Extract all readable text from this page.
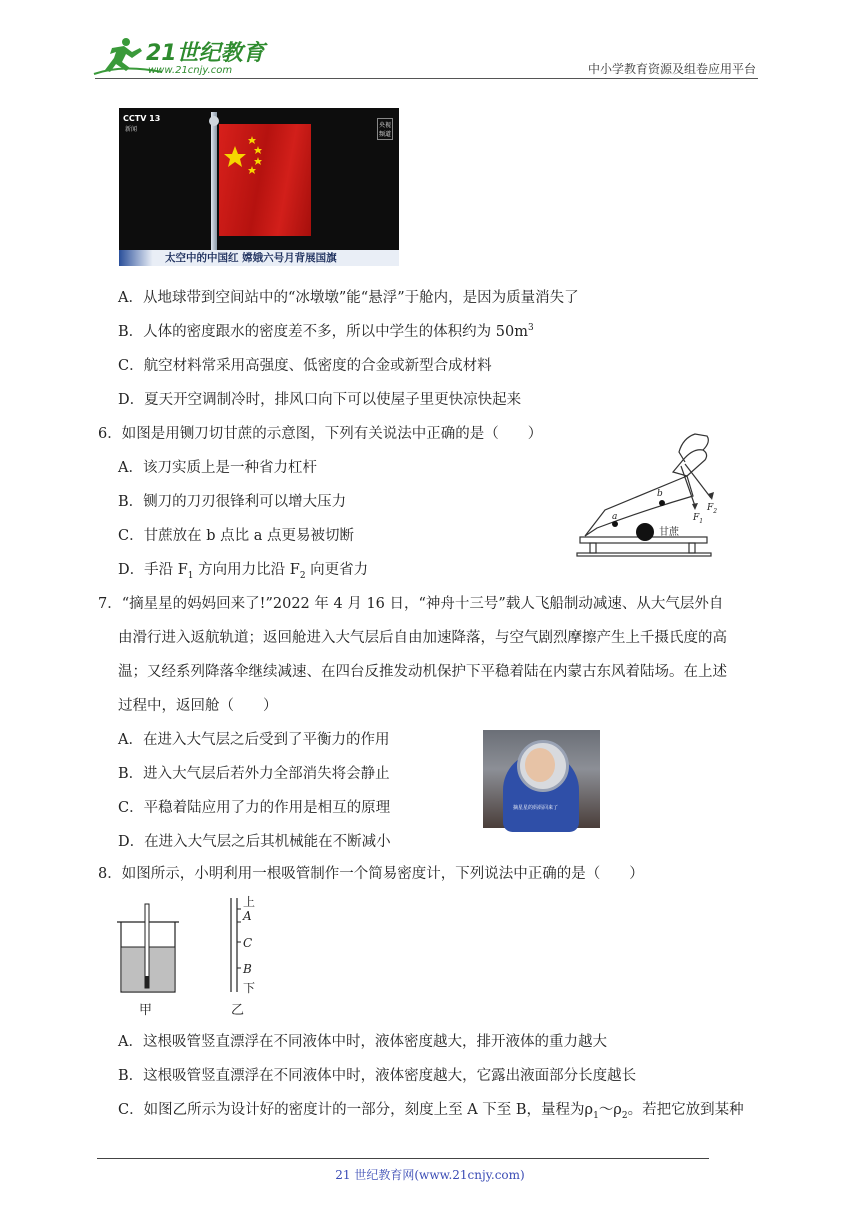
21世纪教育
www.21cnjy.com	中小学教育资源及组卷应用平台
CCTV 13
新闻
央视
频道
太空中的中国红 嫦娥六号月背展国旗
A．从地球带到空间站中的“冰墩墩”能“悬浮”于舱内，是因为质量消失了
B．人体的密度跟水的密度差不多，所以中学生的体积约为 $50m^3$
C．航空材料常采用高强度、低密度的合金或新型合成材料
D．夏天开空调制冷时，排风口向下可以使屋子里更快凉快起来
6．如图是用铡刀切甘蔗的示意图，下列有关说法中正确的是（　　）
A．该刀实质上是一种省力杠杆
B．铡刀的刀刃很锋利可以增大压力
C．甘蔗放在 b 点比 a 点更易被切断
D．手沿 $F_1$ 方向用力比沿 $F_2$ 向更省力
a
b
甘蔗
$F_1$
$F_2$
7．“摘星星的妈妈回来了!”2022 年 4 月 16 日，“神舟十三号”载人飞船制动减速、从大气层外自
由滑行进入返航轨道；返回舱进入大气层后自由加速降落，与空气剧烈摩擦产生上千摄氏度的高
温；又经系列降落伞继续减速、在四台反推发动机保护下平稳着陆在内蒙古东风着陆场。在上述
过程中，返回舱（　　）
A．在进入大气层之后受到了平衡力的作用
B．进入大气层后若外力全部消失将会静止
C．平稳着陆应用了力的作用是相互的原理
D．在进入大气层之后其机械能在不断减小
摘星星的妈妈回来了
8．如图所示，小明利用一根吸管制作一个简易密度计，下列说法中正确的是（　　）
甲
上
A
C
B
下
乙
A．这根吸管竖直漂浮在不同液体中时，液体密度越大，排开液体的重力越大
B．这根吸管竖直漂浮在不同液体中时，液体密度越大，它露出液面部分长度越长
C．如图乙所示为设计好的密度计的一部分，刻度上至 A 下至 B，量程为$\rho_1\sim\rho_2$。若把它放到某种
21 世纪教育网(www.21cnjy.com)
